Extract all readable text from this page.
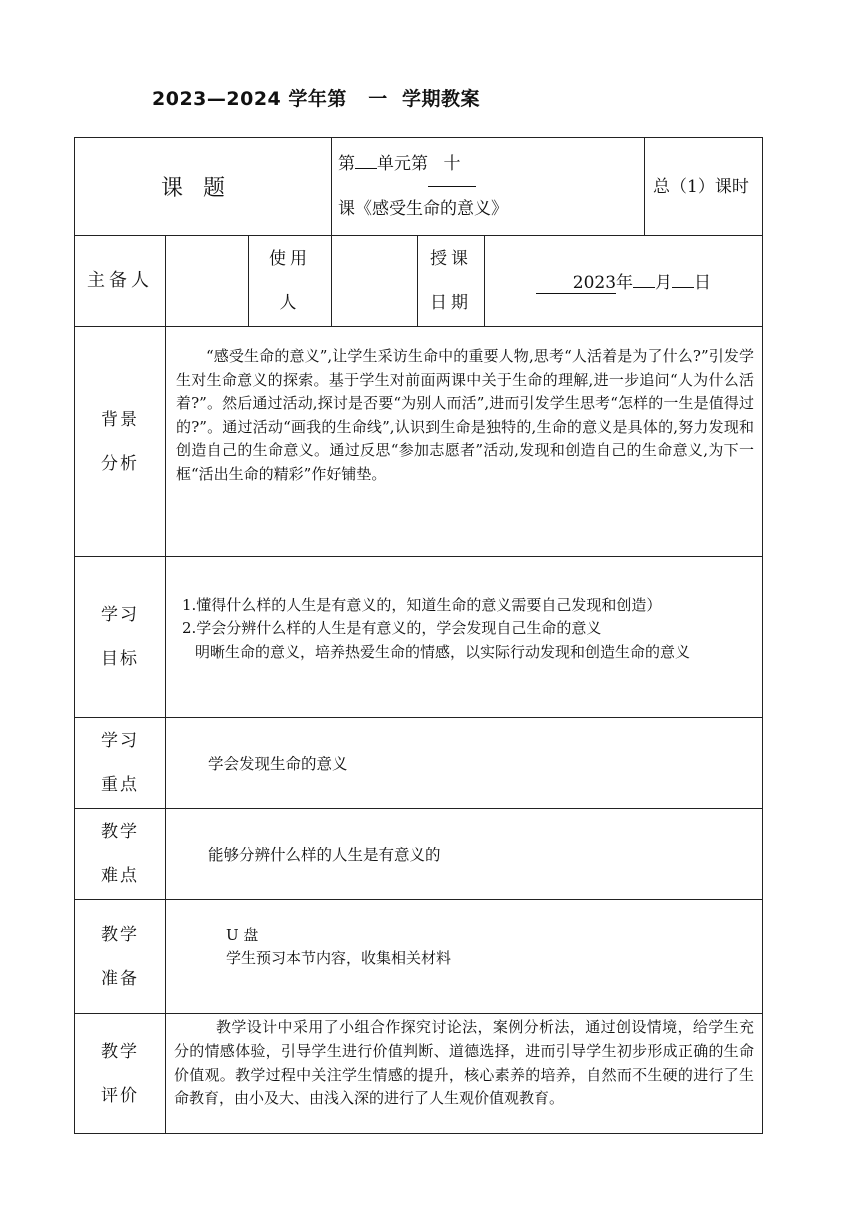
2023—2024 学年第   一  学期教案
课题			第 单元第 十课《感受生命的意义》			总（1）课时
主备人		使用人		授课日期	2023年 月 日	
背景分析	“感受生命的意义”,让学生采访生命中的重要人物,思考“人活着是为了什么?”引发学生对生命意义的探索。基于学生对前面两课中关于生命的理解,进一步追问“人为什么活着?”。然后通过活动,探讨是否要“为别人而活”,进而引发学生思考“怎样的一生是值得过的?”。通过活动“画我的生命线”,认识到生命是独特的,生命的意义是具体的,努力发现和创造自己的生命意义。通过反思“参加志愿者”活动,发现和创造自己的生命意义,为下一框“活出生命的精彩”作好铺垫。					

学习目标	1.懂得什么样的人生是有意义的，知道生命的意义需要自己发现和创造）
2.学会分辨什么样的人生是有意义的，学会发现自己生命的意义
明晰生命的意义，培养热爱生命的情感，以实际行动发现和创造生命的意义					

学习重点	学会发现生命的意义					
教学难点	能够分辨什么样的人生是有意义的					
教学准备	U 盘
学生预习本节内容，收集相关材料					

教学评价	教学设计中采用了小组合作探究讨论法，案例分析法，通过创设情境，给学生充分的情感体验，引导学生进行价值判断、道德选择，进而引导学生初步形成正确的生命价值观。教学过程中关注学生情感的提升，核心素养的培养，自然而不生硬的进行了生命教育，由小及大、由浅入深的进行了人生观价值观教育。					
